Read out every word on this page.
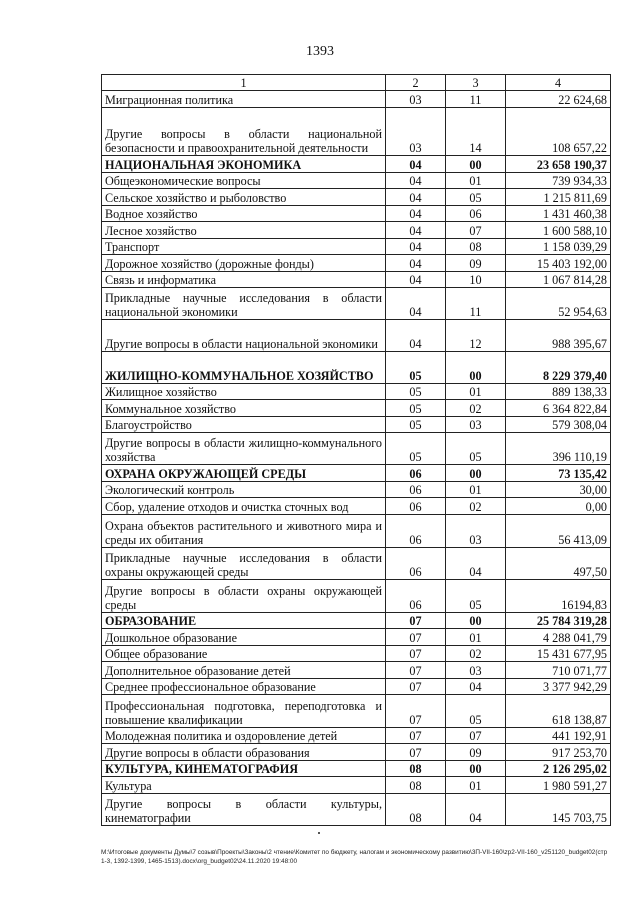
1393
1	2	3	4
Миграционная политика	03	11	22 624,68
Другие вопросы в области национальной безопасности и правоохранительной деятельности	03	14	108 657,22
НАЦИОНАЛЬНАЯ ЭКОНОМИКА	04	00	23 658 190,37
Общеэкономические вопросы	04	01	739 934,33
Сельское хозяйство и рыболовство	04	05	1 215 811,69
Водное хозяйство	04	06	1 431 460,38
Лесное хозяйство	04	07	1 600 588,10
Транспорт	04	08	1 158 039,29
Дорожное хозяйство (дорожные фонды)	04	09	15 403 192,00
Связь и информатика	04	10	1 067 814,28
Прикладные научные исследования в области национальной экономики	04	11	52 954,63
Другие вопросы в области национальной экономики	04	12	988 395,67
ЖИЛИЩНО-КОММУНАЛЬНОЕ ХОЗЯЙСТВО	05	00	8 229 379,40
Жилищное хозяйство	05	01	889 138,33
Коммунальное хозяйство	05	02	6 364 822,84
Благоустройство	05	03	579 308,04
Другие вопросы в области жилищно-коммунального хозяйства	05	05	396 110,19
ОХРАНА ОКРУЖАЮЩЕЙ СРЕДЫ	06	00	73 135,42
Экологический контроль	06	01	30,00
Сбор, удаление отходов и очистка сточных вод	06	02	0,00
Охрана объектов растительного и животного мира и среды их обитания	06	03	56 413,09
Прикладные научные исследования в области охраны окружающей среды	06	04	497,50
Другие вопросы в области охраны окружающей среды	06	05	16194,83
ОБРАЗОВАНИЕ	07	00	25 784 319,28
Дошкольное образование	07	01	4 288 041,79
Общее образование	07	02	15 431 677,95
Дополнительное образование детей	07	03	710 071,77
Среднее профессиональное образование	07	04	3 377 942,29
Профессиональная подготовка, переподготовка и повышение квалификации	07	05	618 138,87
Молодежная политика и оздоровление детей	07	07	441 192,91
Другие вопросы в области образования	07	09	917 253,70
КУЛЬТУРА, КИНЕМАТОГРАФИЯ	08	00	2 126 295,02
Культура	08	01	1 980 591,27
Другие вопросы в области культуры, кинематографии	08	04	145 703,75
М:\Итоговые документы Думы\7 созыв\Проекты\Законы\2 чтение\Комитет по бюджету, налогам и экономическому развитию\3П-VII-160\zp2-VII-160_v251120_budget02(стр 1-3, 1392-1399, 1465-1513).docx\org_budget02\24.11.2020 19:48:00
